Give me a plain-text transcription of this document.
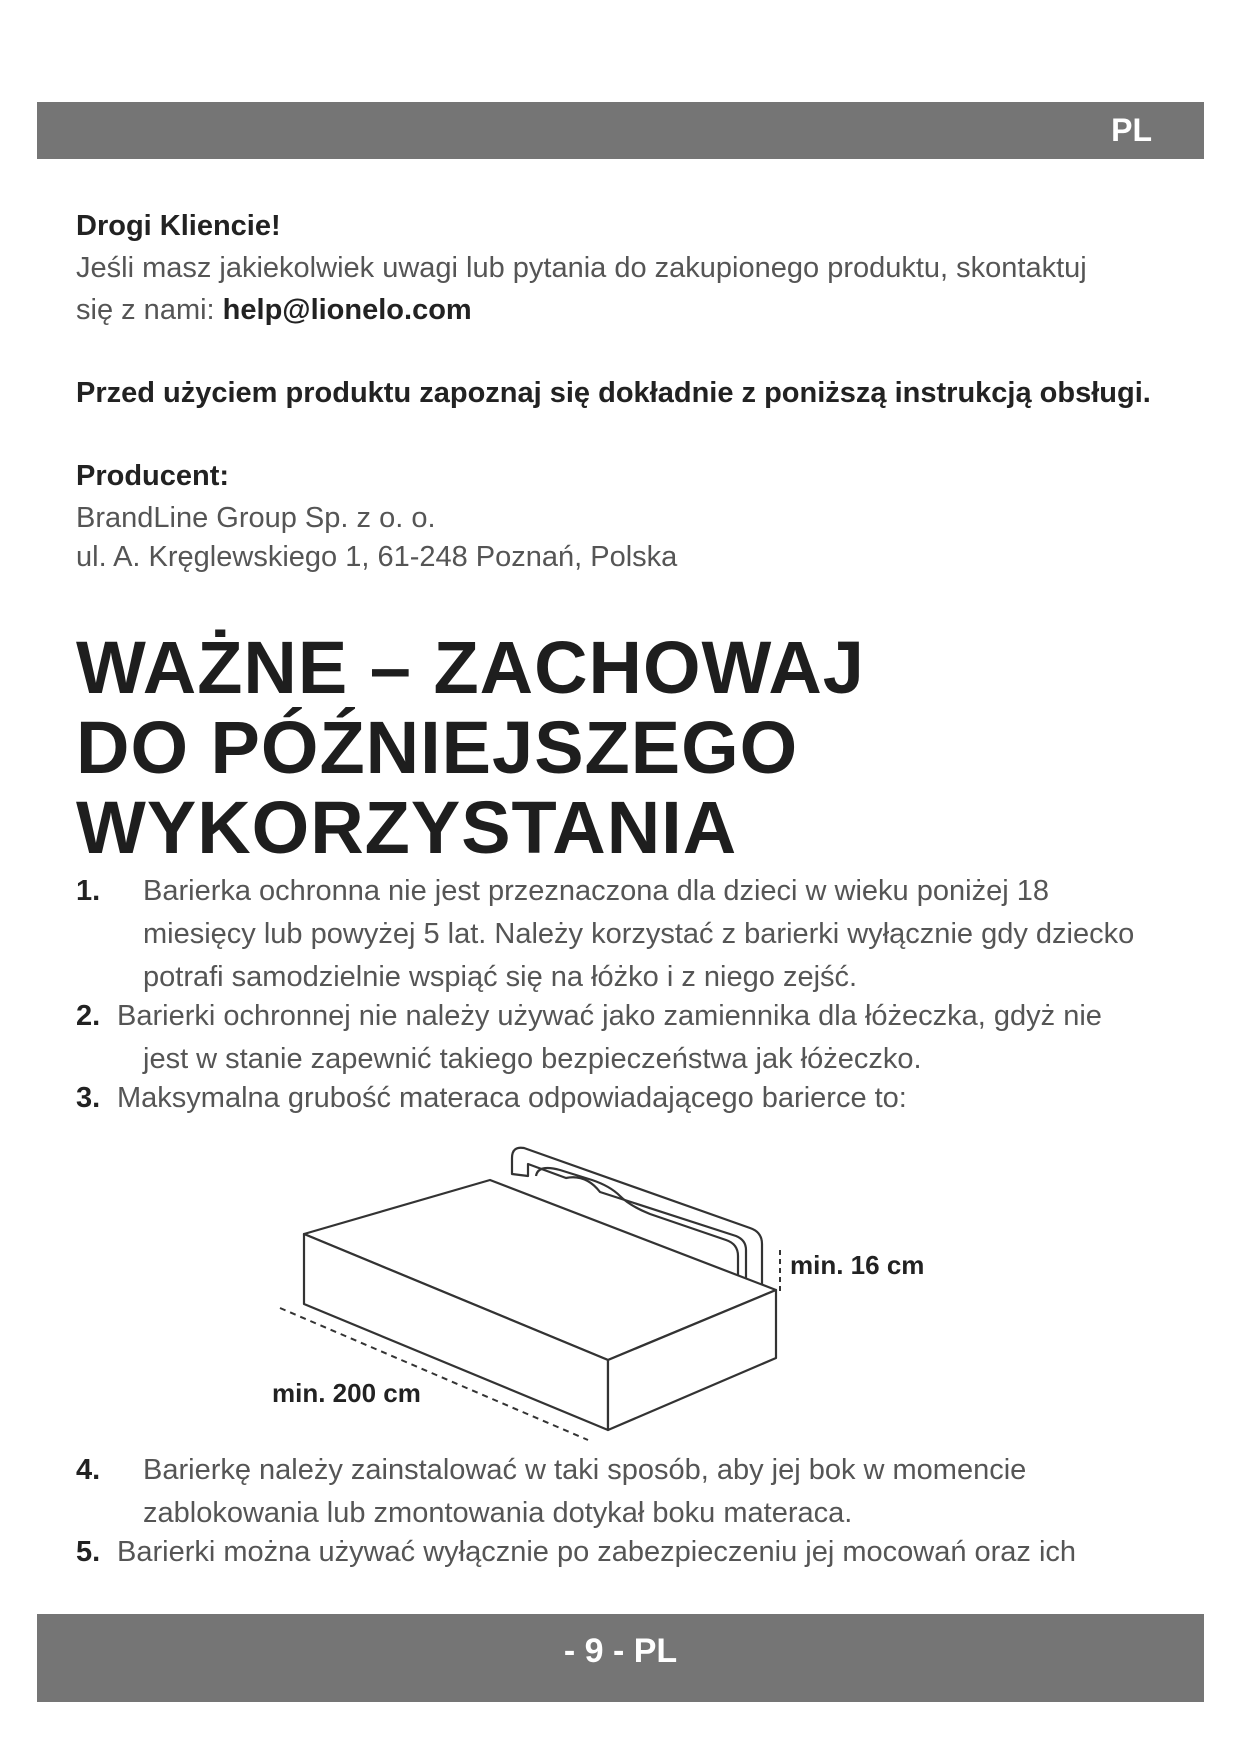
PL
Drogi Kliencie!
Jeśli masz jakiekolwiek uwagi lub pytania do zakupionego produktu, skontaktuj
się z nami: help@lionelo.com
Przed użyciem produktu zapoznaj się dokładnie z poniższą instrukcją obsługi.
Producent:
BrandLine Group Sp. z o. o.
ul. A. Kręglewskiego 1, 61-248 Poznań, Polska
WAŻNE – ZACHOWAJ
DO PÓŹNIEJSZEGO
WYKORZYSTANIA
1. Barierka ochronna nie jest przeznaczona dla dzieci w wieku poniżej 18
miesięcy lub powyżej 5 lat. Należy korzystać z barierki wyłącznie gdy dziecko
potrafi samodzielnie wspiąć się na łóżko i z niego zejść.
2. Barierki ochronnej nie należy używać jako zamiennika dla łóżeczka, gdyż nie
jest w stanie zapewnić takiego bezpieczeństwa jak łóżeczko.
3. Maksymalna grubość materaca odpowiadającego barierce to:
min. 16 cm
min. 200 cm
4. Barierkę należy zainstalować w taki sposób, aby jej bok w momencie
zablokowania lub zmontowania dotykał boku materaca.
5. Barierki można używać wyłącznie po zabezpieczeniu jej mocowań oraz ich
- 9 - PL
